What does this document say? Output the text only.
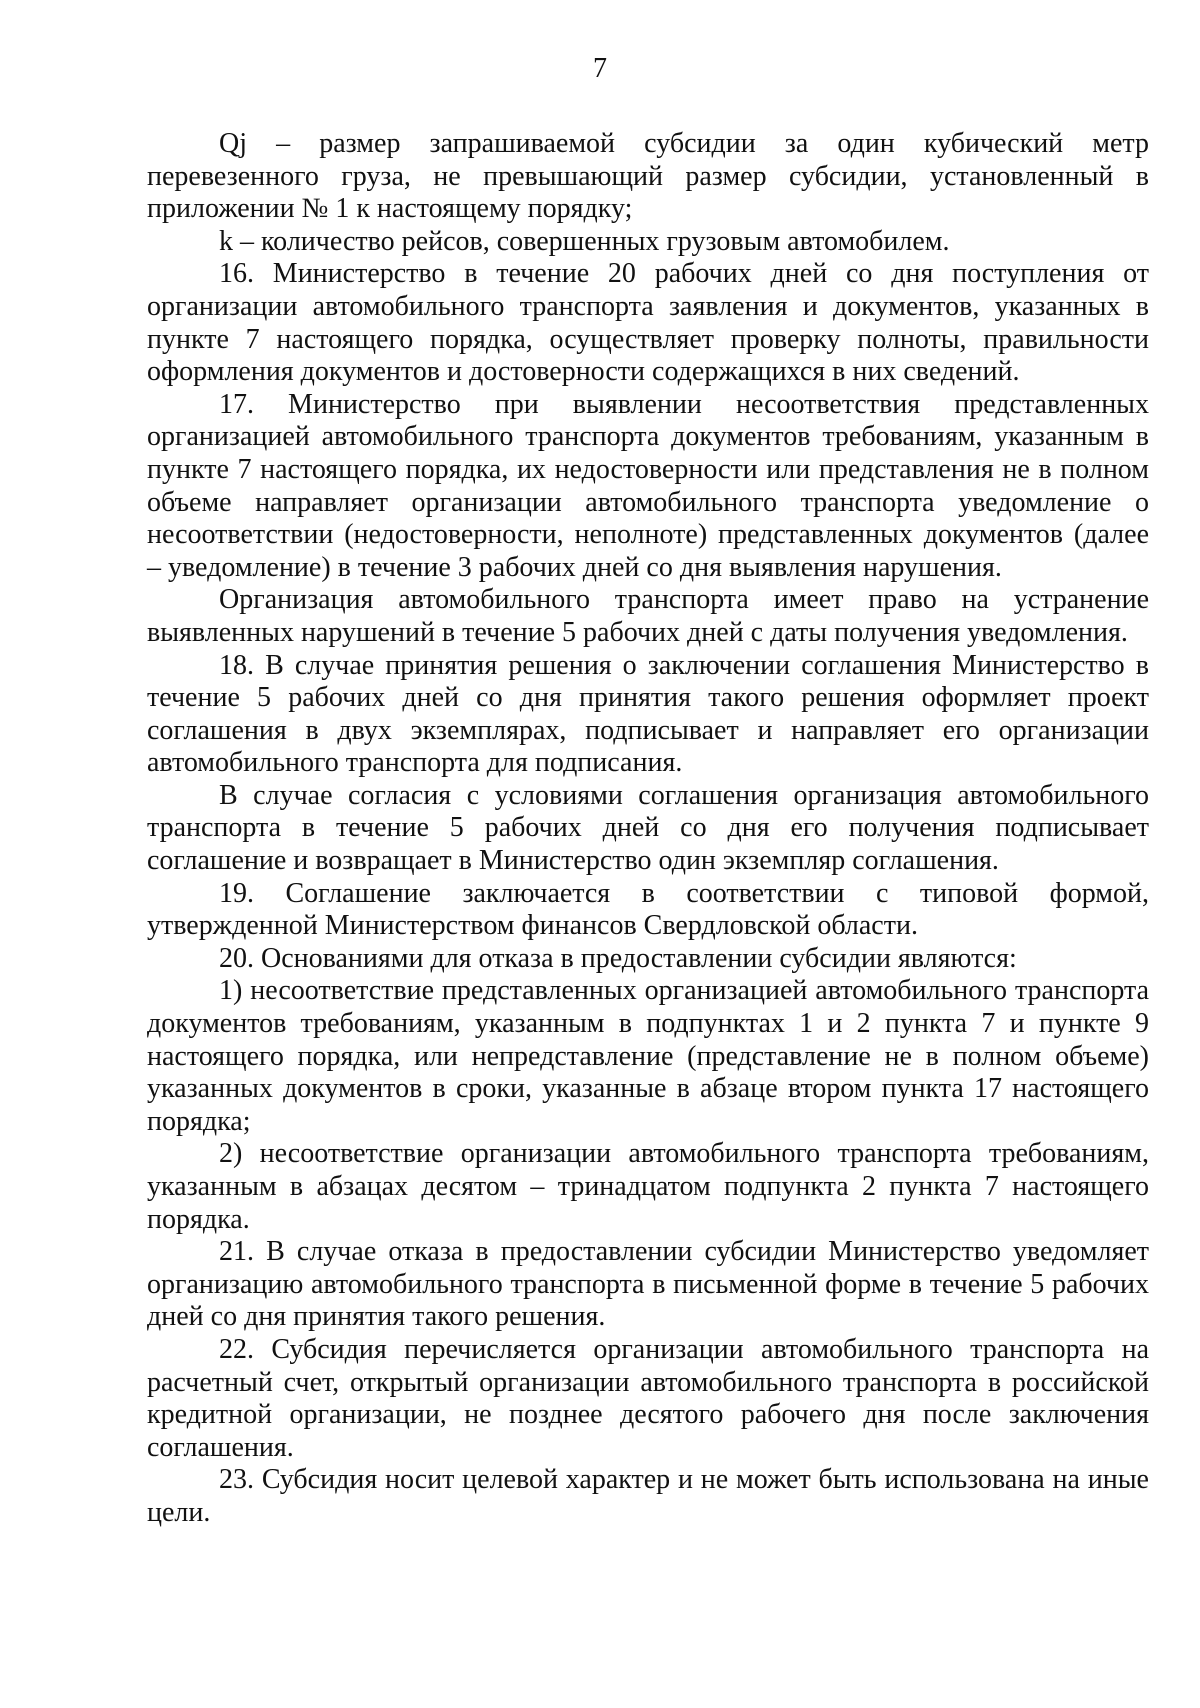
7

Qj – размер запрашиваемой субсидии за один кубический метр перевезенного груза, не превышающий размер субсидии, установленный в приложении № 1 к настоящему порядку;

k – количество рейсов, совершенных грузовым автомобилем.

16. Министерство в течение 20 рабочих дней со дня поступления от организации автомобильного транспорта заявления и документов, указанных в пункте 7 настоящего порядка, осуществляет проверку полноты, правильности оформления документов и достоверности содержащихся в них сведений.

17. Министерство при выявлении несоответствия представленных организацией автомобильного транспорта документов требованиям, указанным в пункте 7 настоящего порядка, их недостоверности или представления не в полном объеме направляет организации автомобильного транспорта уведомление о несоответствии (недостоверности, неполноте) представленных документов (далее – уведомление) в течение 3 рабочих дней со дня выявления нарушения.

Организация автомобильного транспорта имеет право на устранение выявленных нарушений в течение 5 рабочих дней с даты получения уведомления.

18. В случае принятия решения о заключении соглашения Министерство в течение 5 рабочих дней со дня принятия такого решения оформляет проект соглашения в двух экземплярах, подписывает и направляет его организации автомобильного транспорта для подписания.

В случае согласия с условиями соглашения организация автомобильного транспорта в течение 5 рабочих дней со дня его получения подписывает соглашение и возвращает в Министерство один экземпляр соглашения.

19. Соглашение заключается в соответствии с типовой формой, утвержденной Министерством финансов Свердловской области.

20. Основаниями для отказа в предоставлении субсидии являются:

1) несоответствие представленных организацией автомобильного транспорта документов требованиям, указанным в подпунктах 1 и 2 пункта 7 и пункте 9 настоящего порядка, или непредставление (представление не в полном объеме) указанных документов в сроки, указанные в абзаце втором пункта 17 настоящего порядка;

2) несоответствие организации автомобильного транспорта требованиям, указанным в абзацах десятом – тринадцатом подпункта 2 пункта 7 настоящего порядка.

21. В случае отказа в предоставлении субсидии Министерство уведомляет организацию автомобильного транспорта в письменной форме в течение 5 рабочих дней со дня принятия такого решения.

22. Субсидия перечисляется организации автомобильного транспорта на расчетный счет, открытый организации автомобильного транспорта в российской кредитной организации, не позднее десятого рабочего дня после заключения соглашения.

23. Субсидия носит целевой характер и не может быть использована на иные цели.
